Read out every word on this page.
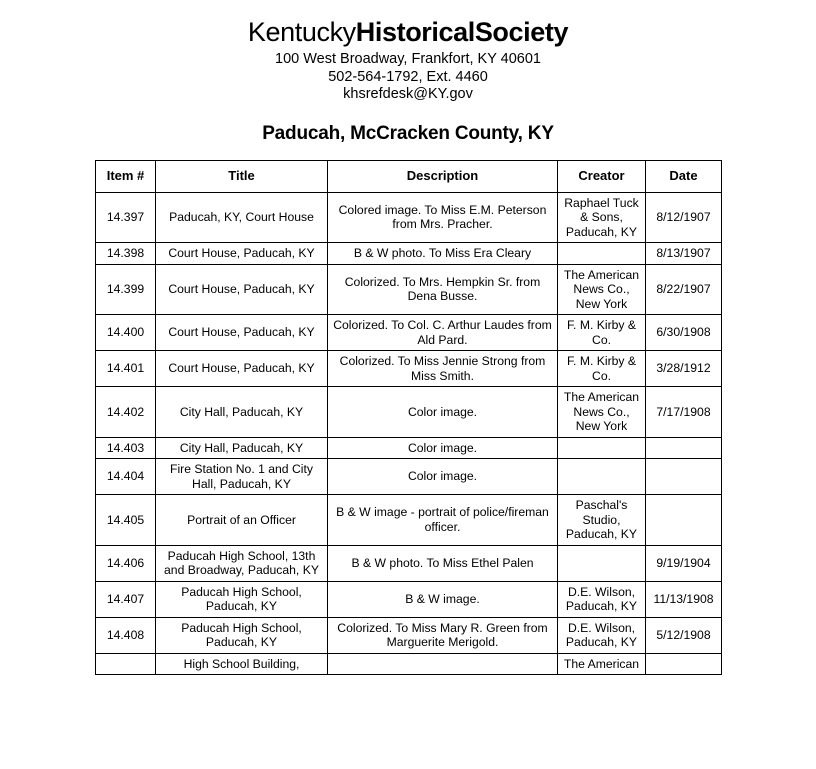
KentuckyHistoricalSociety
100 West Broadway, Frankfort, KY 40601
502-564-1792, Ext. 4460
khsrefdesk@KY.gov
Paducah, McCracken County, KY
Item #	Title	Description	Creator	Date
14.397	Paducah, KY, Court House	Colored image. To Miss E.M. Peterson from Mrs. Pracher.	Raphael Tuck & Sons, Paducah, KY	8/12/1907
14.398	Court House, Paducah, KY	B & W photo. To Miss Era Cleary		8/13/1907
14.399	Court House, Paducah, KY	Colorized. To Mrs. Hempkin Sr. from Dena Busse.	The American News Co., New York	8/22/1907
14.400	Court House, Paducah, KY	Colorized. To Col. C. Arthur Laudes from Ald Pard.	F. M. Kirby & Co.	6/30/1908
14.401	Court House, Paducah, KY	Colorized. To Miss Jennie Strong from Miss Smith.	F. M. Kirby & Co.	3/28/1912
14.402	City Hall, Paducah, KY	Color image.	The American News Co., New York	7/17/1908
14.403	City Hall, Paducah, KY	Color image.		
14.404	Fire Station No. 1 and City Hall, Paducah, KY	Color image.		
14.405	Portrait of an Officer	B & W image - portrait of police/fireman officer.	Paschal's Studio, Paducah, KY	
14.406	Paducah High School, 13th and Broadway, Paducah, KY	B & W photo. To Miss Ethel Palen		9/19/1904
14.407	Paducah High School, Paducah, KY	B & W image.	D.E. Wilson, Paducah, KY	11/13/1908
14.408	Paducah High School, Paducah, KY	Colorized. To Miss Mary R. Green from Marguerite Merigold.	D.E. Wilson, Paducah, KY	5/12/1908
	High School Building,		The American	
